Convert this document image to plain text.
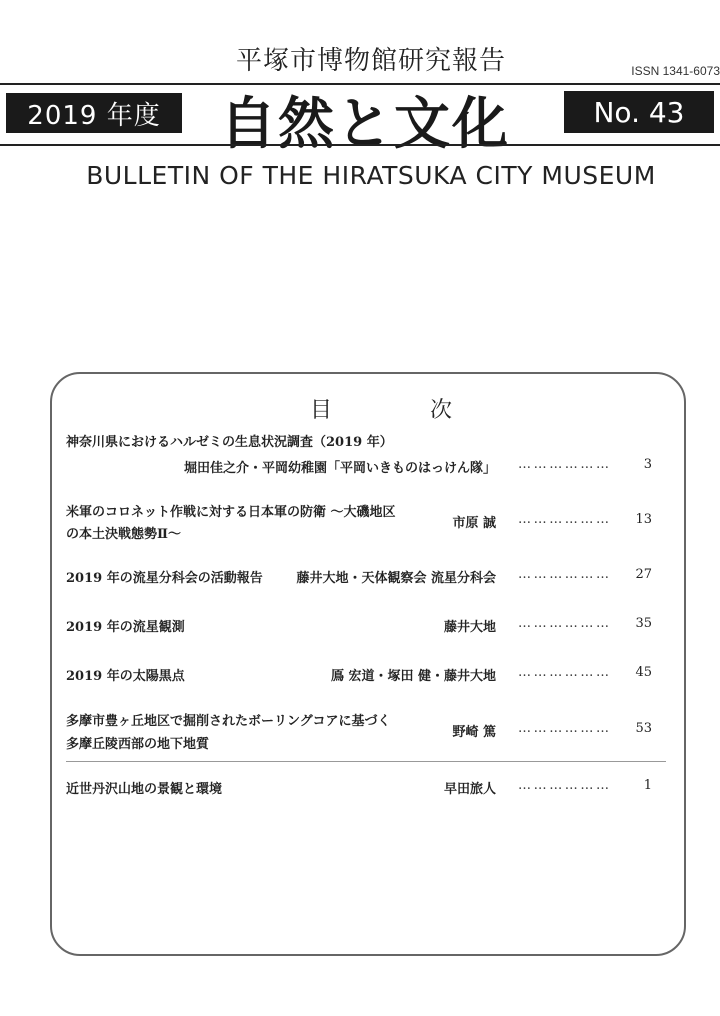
平塚市博物館研究報告	ISSN 1341-6073
2019 年度	自然と文化	No. 43
BULLETIN OF THE HIRATSUKA CITY MUSEUM
目　次
神奈川県におけるハルゼミの生息状況調査（2019 年）
堀田佳之介・平岡幼稚園「平岡いきものはっけん隊」 ………………	3
米軍のコロネット作戦に対する日本軍の防衛 ～大磯地区
の本土決戦態勢Ⅱ～
市原 誠 ………………	13
2019 年の流星分科会の活動報告	藤井大地・天体観察会 流星分科会 ………………	27
2019 年の流星観測	藤井大地 ………………	35
2019 年の太陽黒点	鳫 宏道・塚田 健・藤井大地 ………………	45
多摩市豊ヶ丘地区で掘削されたボーリングコアに基づく
多摩丘陵西部の地下地質
野崎 篤 ………………	53
近世丹沢山地の景観と環境	早田旅人 ………………	1
